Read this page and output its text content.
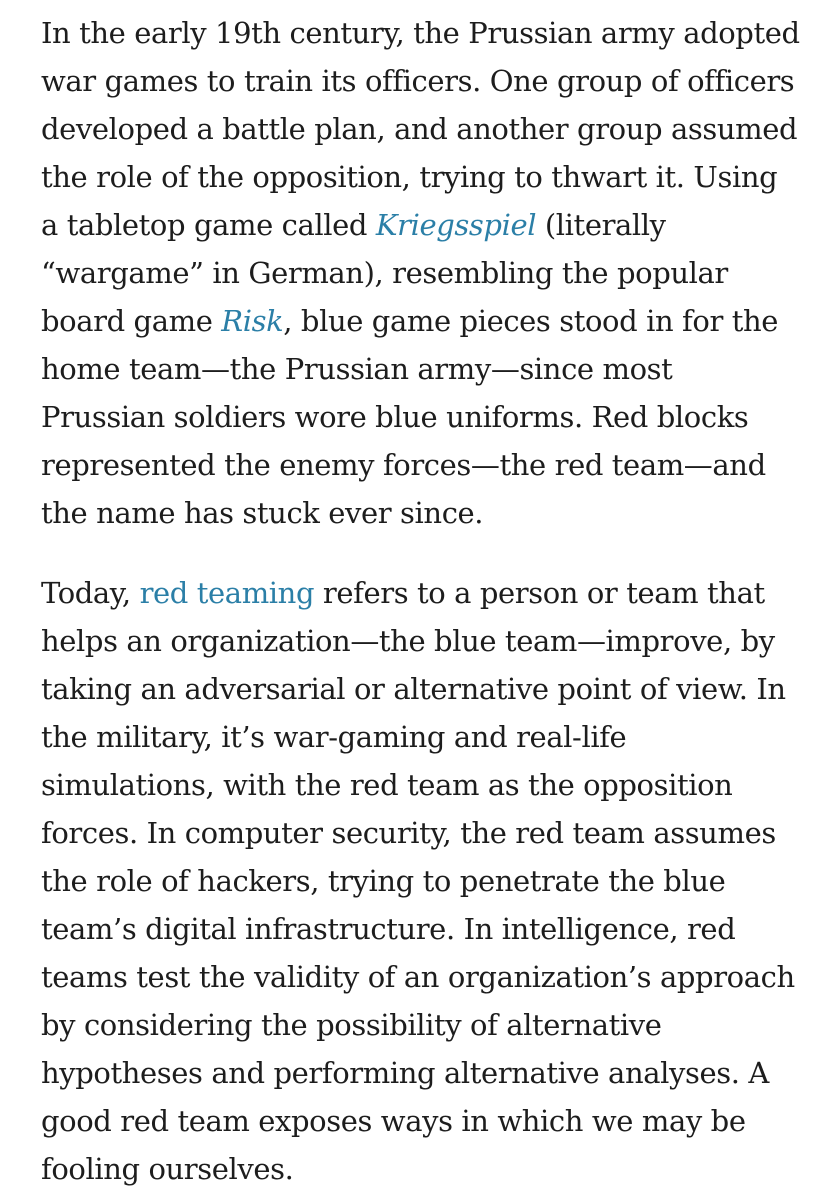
In the early 19th century, the Prussian army adopted war games to train its officers. One group of officers developed a battle plan, and another group assumed the role of the opposition, trying to thwart it. Using a tabletop game called Kriegsspiel (literally “wargame” in German), resembling the popular board game Risk, blue game pieces stood in for the home team—the Prussian army—since most Prussian soldiers wore blue uniforms. Red blocks represented the enemy forces—the red team—and the name has stuck ever since.

Today, red teaming refers to a person or team that helps an organization—the blue team—improve, by taking an adversarial or alternative point of view. In the military, it’s war-gaming and real-life simulations, with the red team as the opposition forces. In computer security, the red team assumes the role of hackers, trying to penetrate the blue team’s digital infrastructure. In intelligence, red teams test the validity of an organization’s approach by considering the possibility of alternative hypotheses and performing alternative analyses. A good red team exposes ways in which we may be fooling ourselves.
